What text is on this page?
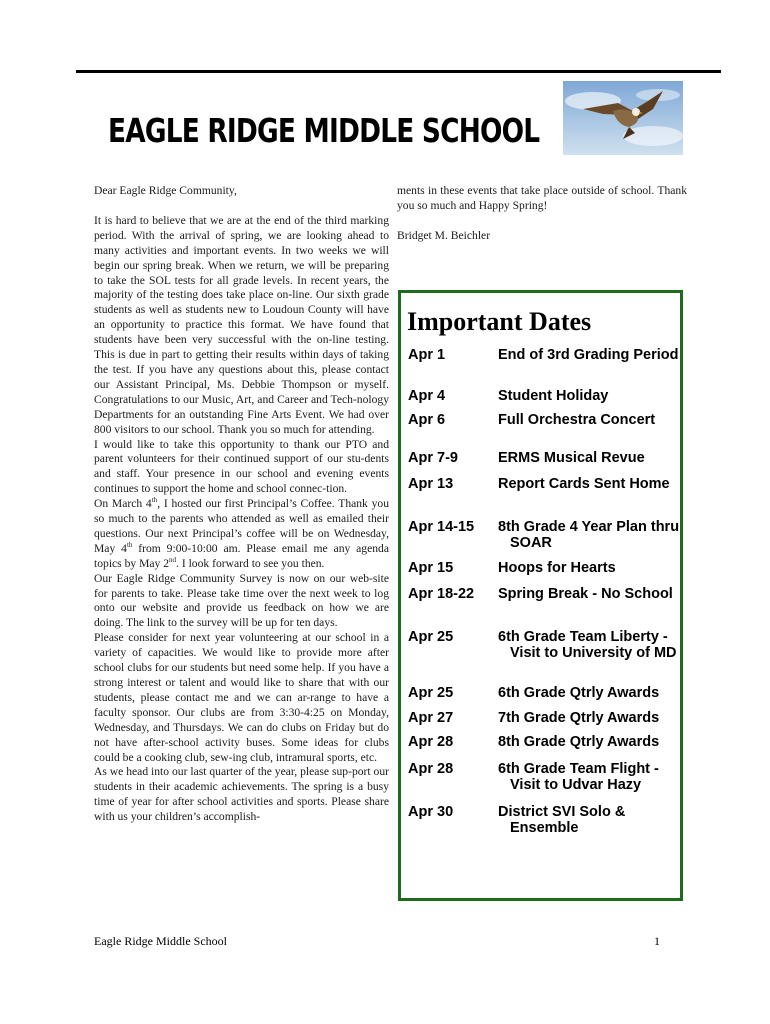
EAGLE RIDGE MIDDLE SCHOOL

Dear Eagle Ridge Community,

It is hard to believe that we are at the end of the third marking period. With the arrival of spring, we are looking ahead to many activities and important events. In two weeks we will begin our spring break. When we return, we will be preparing to take the SOL tests for all grade levels. In recent years, the majority of the testing does take place on-line. Our sixth grade students as well as students new to Loudoun County will have an opportunity to practice this format. We have found that students have been very successful with the on-line testing. This is due in part to getting their results within days of taking the test. If you have any questions about this, please contact our Assistant Principal, Ms. Debbie Thompson or myself. Congratulations to our Music, Art, and Career and Tech-nology Departments for an outstanding Fine Arts Event. We had over 800 visitors to our school. Thank you so much for attending.

I would like to take this opportunity to thank our PTO and parent volunteers for their continued support of our stu-dents and staff. Your presence in our school and evening events continues to support the home and school connec-tion.

On March 4th, I hosted our first Principal’s Coffee. Thank you so much to the parents who attended as well as emailed their questions. Our next Principal’s coffee will be on Wednesday, May 4th from 9:00-10:00 am. Please email me any agenda topics by May 2nd. I look forward to see you then.

Our Eagle Ridge Community Survey is now on our web-site for parents to take. Please take time over the next week to log onto our website and provide us feedback on how we are doing. The link to the survey will be up for ten days.

Please consider for next year volunteering at our school in a variety of capacities. We would like to provide more after school clubs for our students but need some help. If you have a strong interest or talent and would like to share that with our students, please contact me and we can ar-range to have a faculty sponsor. Our clubs are from 3:30-4:25 on Monday, Wednesday, and Thursdays. We can do clubs on Friday but do not have after-school activity buses. Some ideas for clubs could be a cooking club, sew-ing club, intramural sports, etc.

As we head into our last quarter of the year, please sup-port our students in their academic achievements. The spring is a busy time of year for after school activities and sports. Please share with us your children’s accomplish-

ments in these events that take place outside of school. Thank you so much and Happy Spring!

Bridget M. Beichler

Important Dates
Apr 1	End of 3rd Grading Period
Apr 4	Student Holiday
Apr 6	Full Orchestra Concert
Apr 7-9	ERMS Musical Revue
Apr 13	Report Cards Sent Home
Apr 14-15	8th Grade 4 Year Plan thru SOAR
Apr 15	Hoops for Hearts
Apr 18-22	Spring Break - No School
Apr 25	6th Grade Team Liberty - Visit to University of MD
Apr 25	6th Grade Qtrly Awards
Apr 27	7th Grade Qtrly Awards
Apr 28	8th Grade Qtrly Awards
Apr 28	6th Grade Team Flight - Visit to Udvar Hazy
Apr 30	District SVI Solo & Ensemble
Eagle Ridge Middle School	1
